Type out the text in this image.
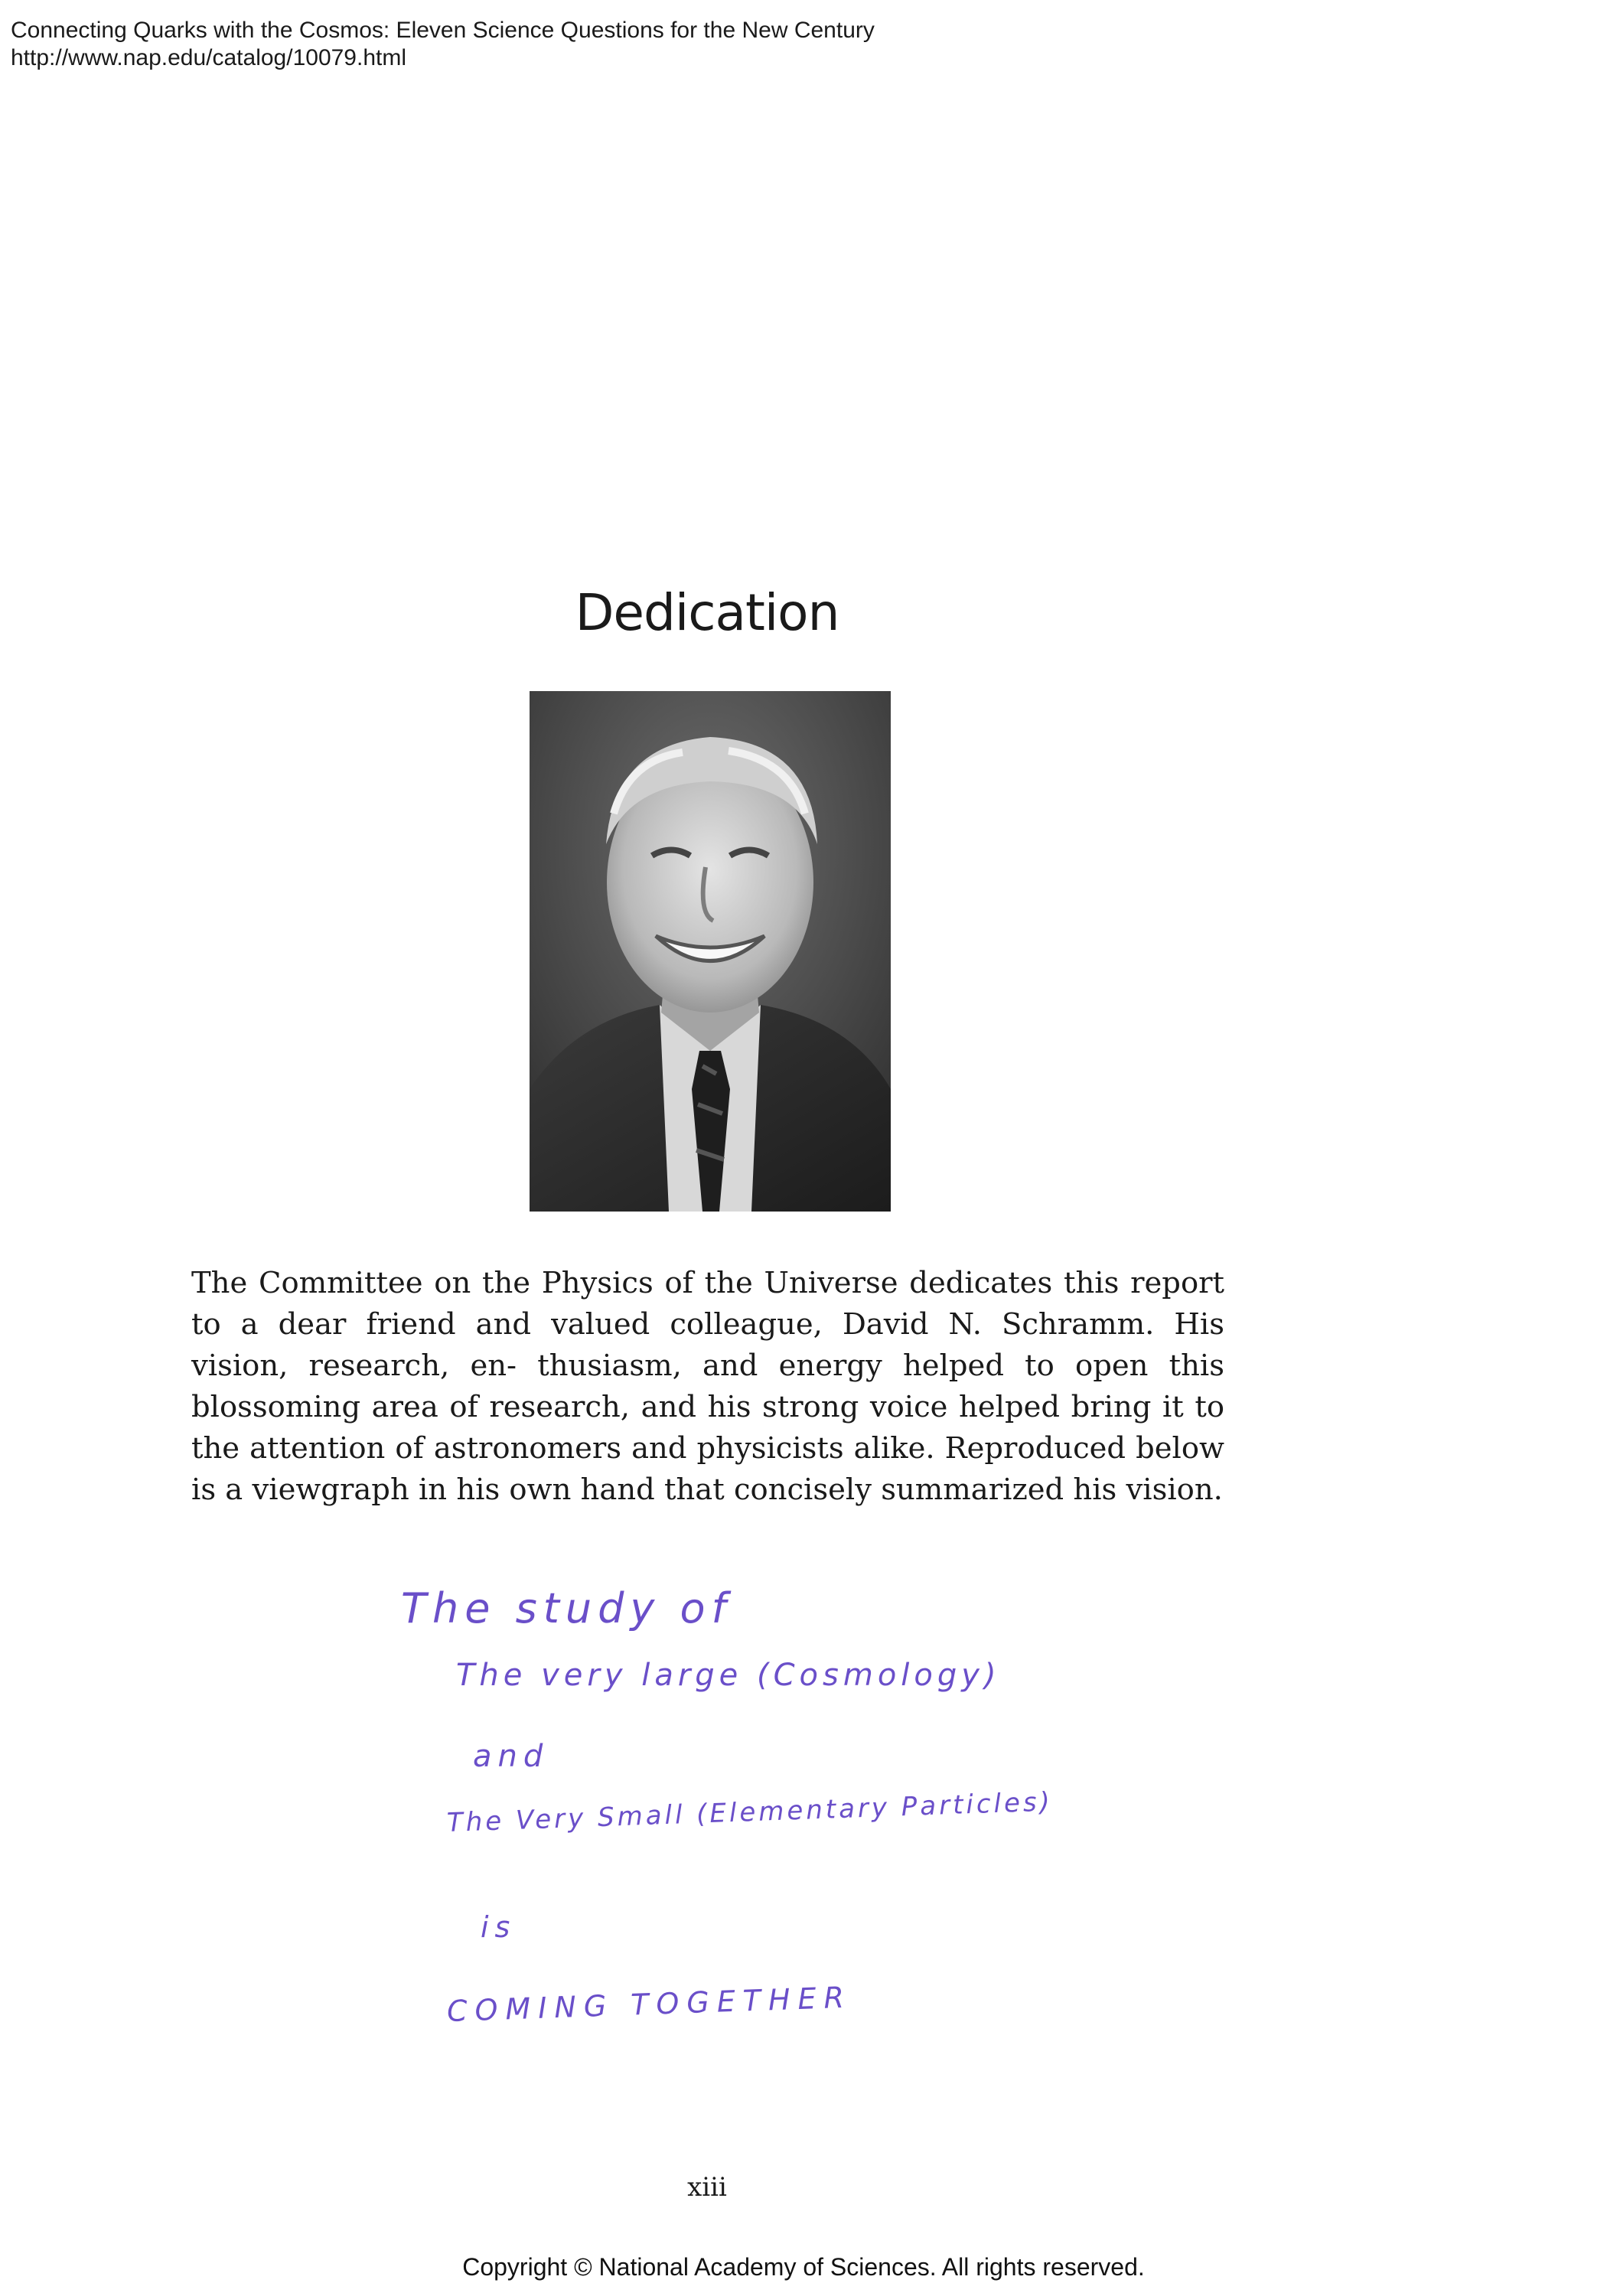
Connecting Quarks with the Cosmos: Eleven Science Questions for the New Century
http://www.nap.edu/catalog/10079.html
Dedication

The Committee on the Physics of the Universe dedicates this report to a dear friend and valued colleague, David N. Schramm. His vision, research, en- thusiasm, and energy helped to open this blossoming area of research, and his strong voice helped bring it to the attention of astronomers and physicists alike. Reproduced below is a viewgraph in his own hand that concisely summarized his vision.

The study of
The very large (Cosmology)
and
The Very Small (Elementary Particles)
is
COMING TOGETHER
xiii
Copyright © National Academy of Sciences. All rights reserved.
